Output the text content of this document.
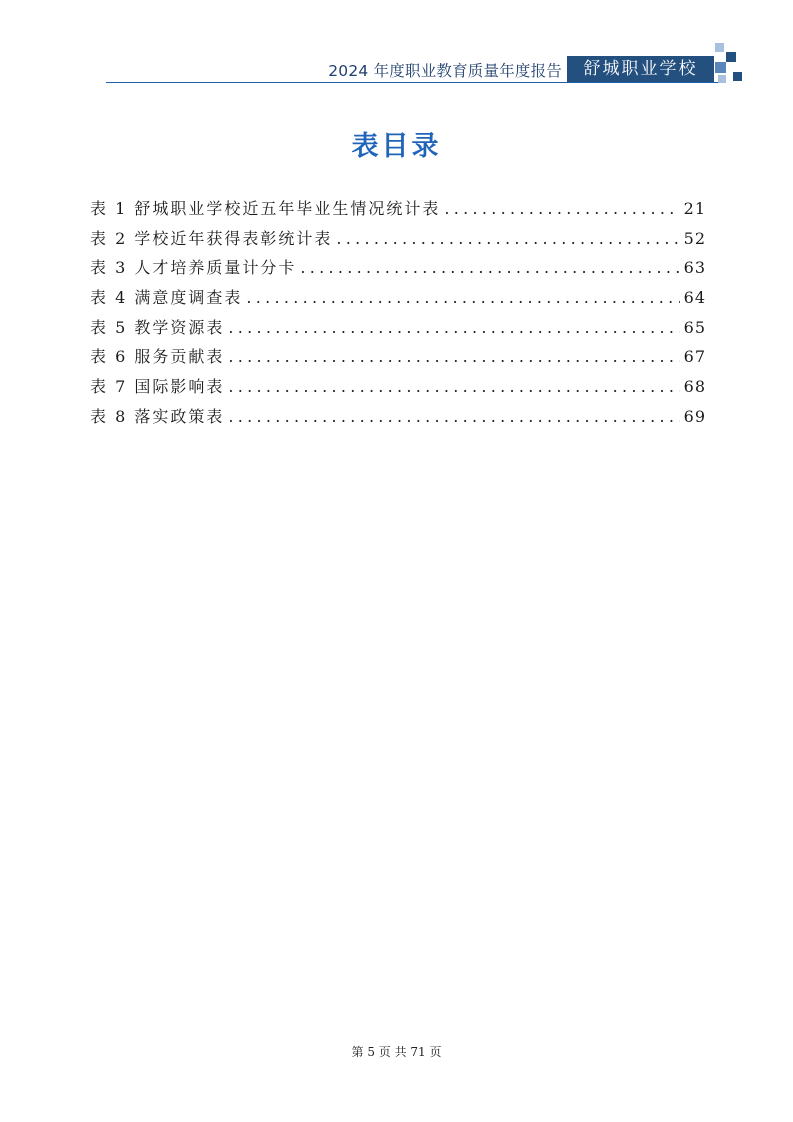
2024 年度职业教育质量年度报告	舒城职业学校
表目录
表 1 舒城职业学校近五年毕业生情况统计表 . . .	21
表 2 学校近年获得表彰统计表 . . .	52
表 3 人才培养质量计分卡 . . .	63
表 4 满意度调查表 . . .	64
表 5 教学资源表 . . .	65
表 6 服务贡献表 . . .	67
表 7 国际影响表 . . .	68
表 8 落实政策表 . . .	69
第 5 页 共 71 页
